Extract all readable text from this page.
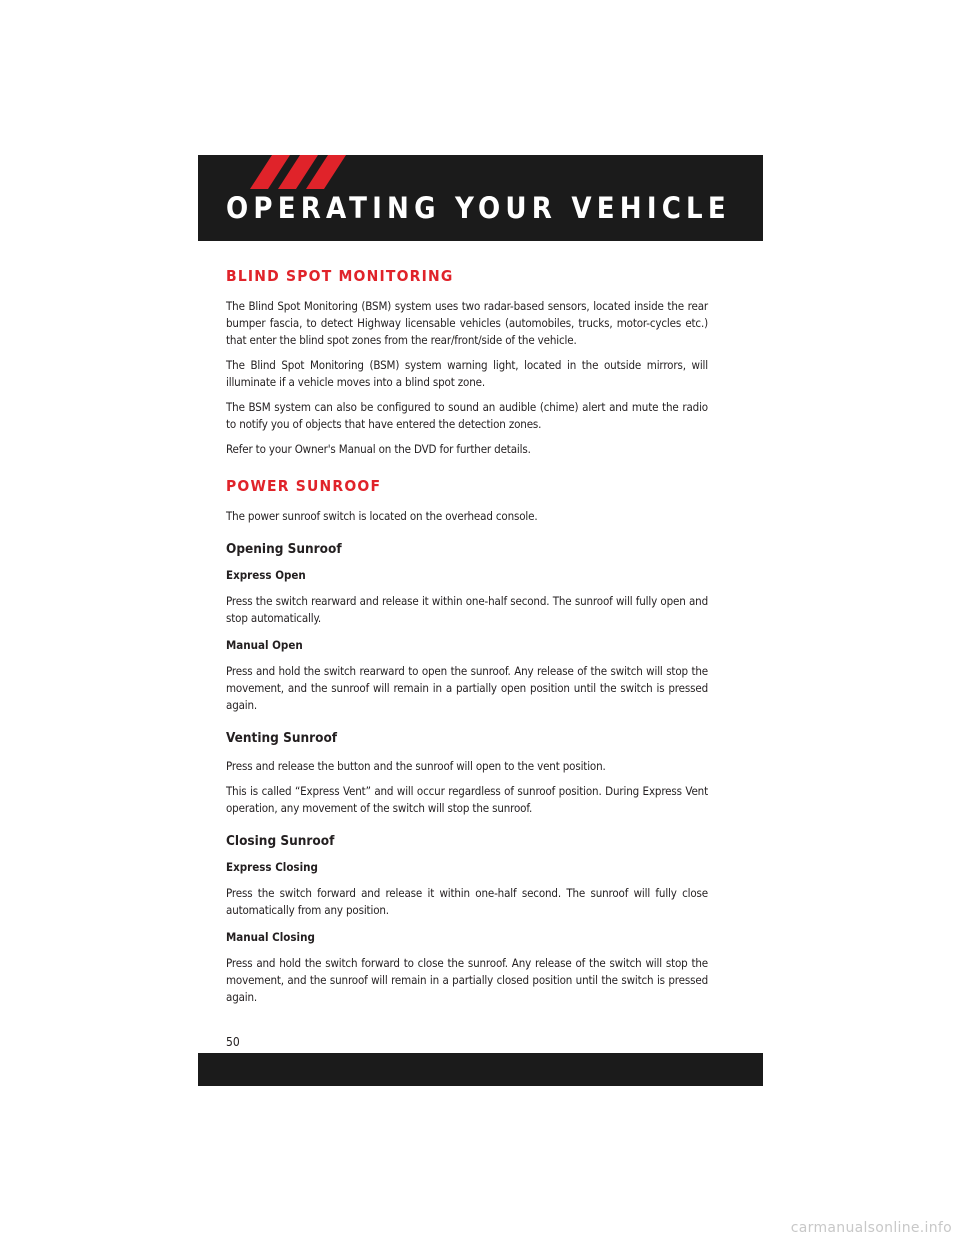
OPERATING YOUR VEHICLE
BLIND SPOT MONITORING

The Blind Spot Monitoring (BSM) system uses two radar-based sensors, located inside the rear bumper fascia, to detect Highway licensable vehicles (automobiles, trucks, motor-cycles etc.) that enter the blind spot zones from the rear/front/side of the vehicle.

The Blind Spot Monitoring (BSM) system warning light, located in the outside mirrors, will illuminate if a vehicle moves into a blind spot zone.

The BSM system can also be configured to sound an audible (chime) alert and mute the radio to notify you of objects that have entered the detection zones.

Refer to your Owner's Manual on the DVD for further details.

POWER SUNROOF

The power sunroof switch is located on the overhead console.

Opening Sunroof
Express Open

Press the switch rearward and release it within one-half second. The sunroof will fully open and stop automatically.

Manual Open

Press and hold the switch rearward to open the sunroof. Any release of the switch will stop the movement, and the sunroof will remain in a partially open position until the switch is pressed again.

Venting Sunroof

Press and release the button and the sunroof will open to the vent position.

This is called “Express Vent” and will occur regardless of sunroof position. During Express Vent operation, any movement of the switch will stop the sunroof.

Closing Sunroof
Express Closing

Press the switch forward and release it within one-half second. The sunroof will fully close automatically from any position.

Manual Closing

Press and hold the switch forward to close the sunroof. Any release of the switch will stop the movement, and the sunroof will remain in a partially closed position until the switch is pressed again.

50
carmanualsonline.info
